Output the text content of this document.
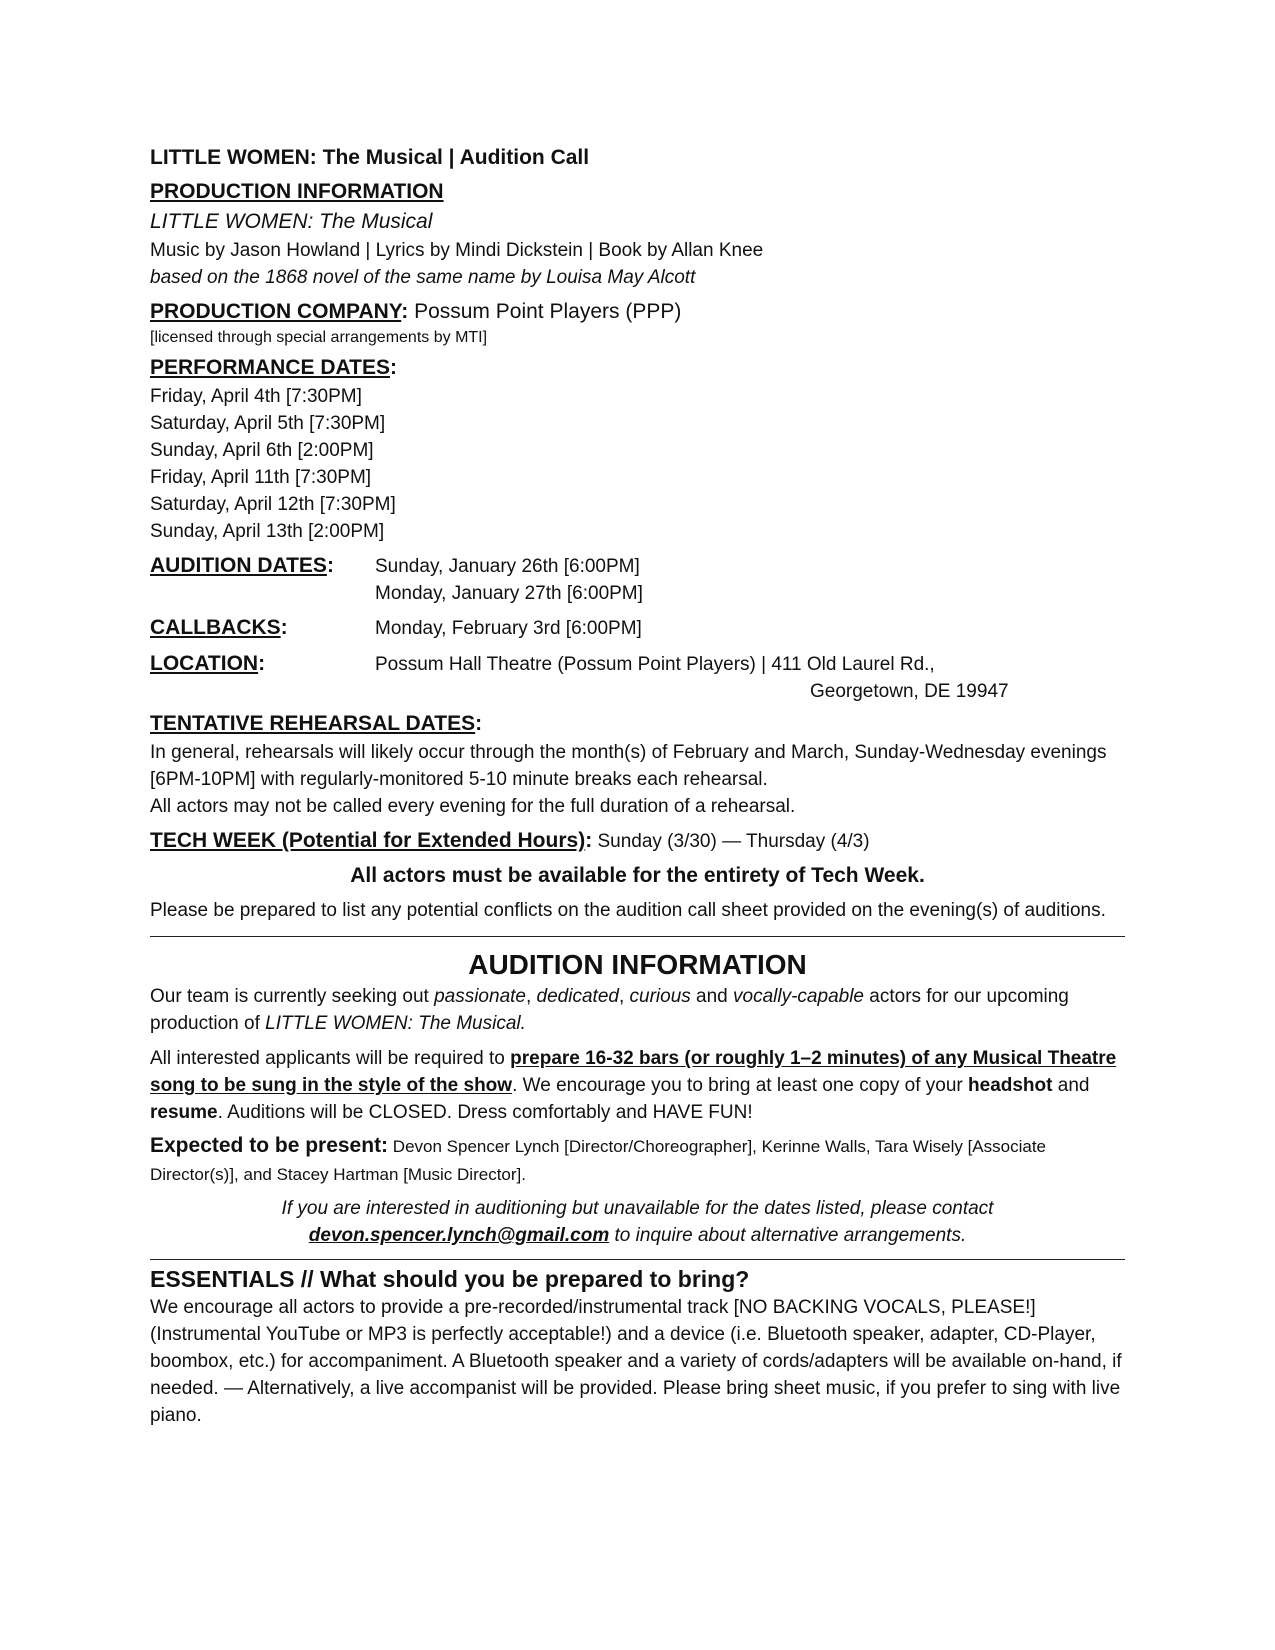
LITTLE WOMEN: The Musical | Audition Call
PRODUCTION INFORMATION
LITTLE WOMEN: The Musical
Music by Jason Howland | Lyrics by Mindi Dickstein | Book by Allan Knee
based on the 1868 novel of the same name by Louisa May Alcott
PRODUCTION COMPANY: Possum Point Players (PPP)
[licensed through special arrangements by MTI]
PERFORMANCE DATES:
Friday, April 4th [7:30PM]
Saturday, April 5th [7:30PM]
Sunday, April 6th [2:00PM]
Friday, April 11th [7:30PM]
Saturday, April 12th [7:30PM]
Sunday, April 13th [2:00PM]
AUDITION DATES:	Sunday, January 26th [6:00PM]
Monday, January 27th [6:00PM]
CALLBACKS:	Monday, February 3rd [6:00PM]
LOCATION:	Possum Hall Theatre (Possum Point Players) | 411 Old Laurel Rd.,
Georgetown, DE 19947
TENTATIVE REHEARSAL DATES:
In general, rehearsals will likely occur through the month(s) of February and March, Sunday-Wednesday evenings [6PM-10PM] with regularly-monitored 5-10 minute breaks each rehearsal.
All actors may not be called every evening for the full duration of a rehearsal.
TECH WEEK (Potential for Extended Hours): Sunday (3/30) — Thursday (4/3)
All actors must be available for the entirety of Tech Week.
Please be prepared to list any potential conflicts on the audition call sheet provided on the evening(s) of auditions.
AUDITION INFORMATION
Our team is currently seeking out passionate, dedicated, curious and vocally-capable actors for our upcoming production of LITTLE WOMEN: The Musical.
All interested applicants will be required to prepare 16-32 bars (or roughly 1–2 minutes) of any Musical Theatre song to be sung in the style of the show. We encourage you to bring at least one copy of your headshot and resume. Auditions will be CLOSED. Dress comfortably and HAVE FUN!
Expected to be present: Devon Spencer Lynch [Director/Choreographer], Kerinne Walls, Tara Wisely [Associate Director(s)], and Stacey Hartman [Music Director].
If you are interested in auditioning but unavailable for the dates listed, please contact
devon.spencer.lynch@gmail.com to inquire about alternative arrangements.
ESSENTIALS // What should you be prepared to bring?
We encourage all actors to provide a pre-recorded/instrumental track [NO BACKING VOCALS, PLEASE!] (Instrumental YouTube or MP3 is perfectly acceptable!) and a device (i.e. Bluetooth speaker, adapter, CD-Player, boombox, etc.) for accompaniment. A Bluetooth speaker and a variety of cords/adapters will be available on-hand, if needed. — Alternatively, a live accompanist will be provided. Please bring sheet music, if you prefer to sing with live piano.
